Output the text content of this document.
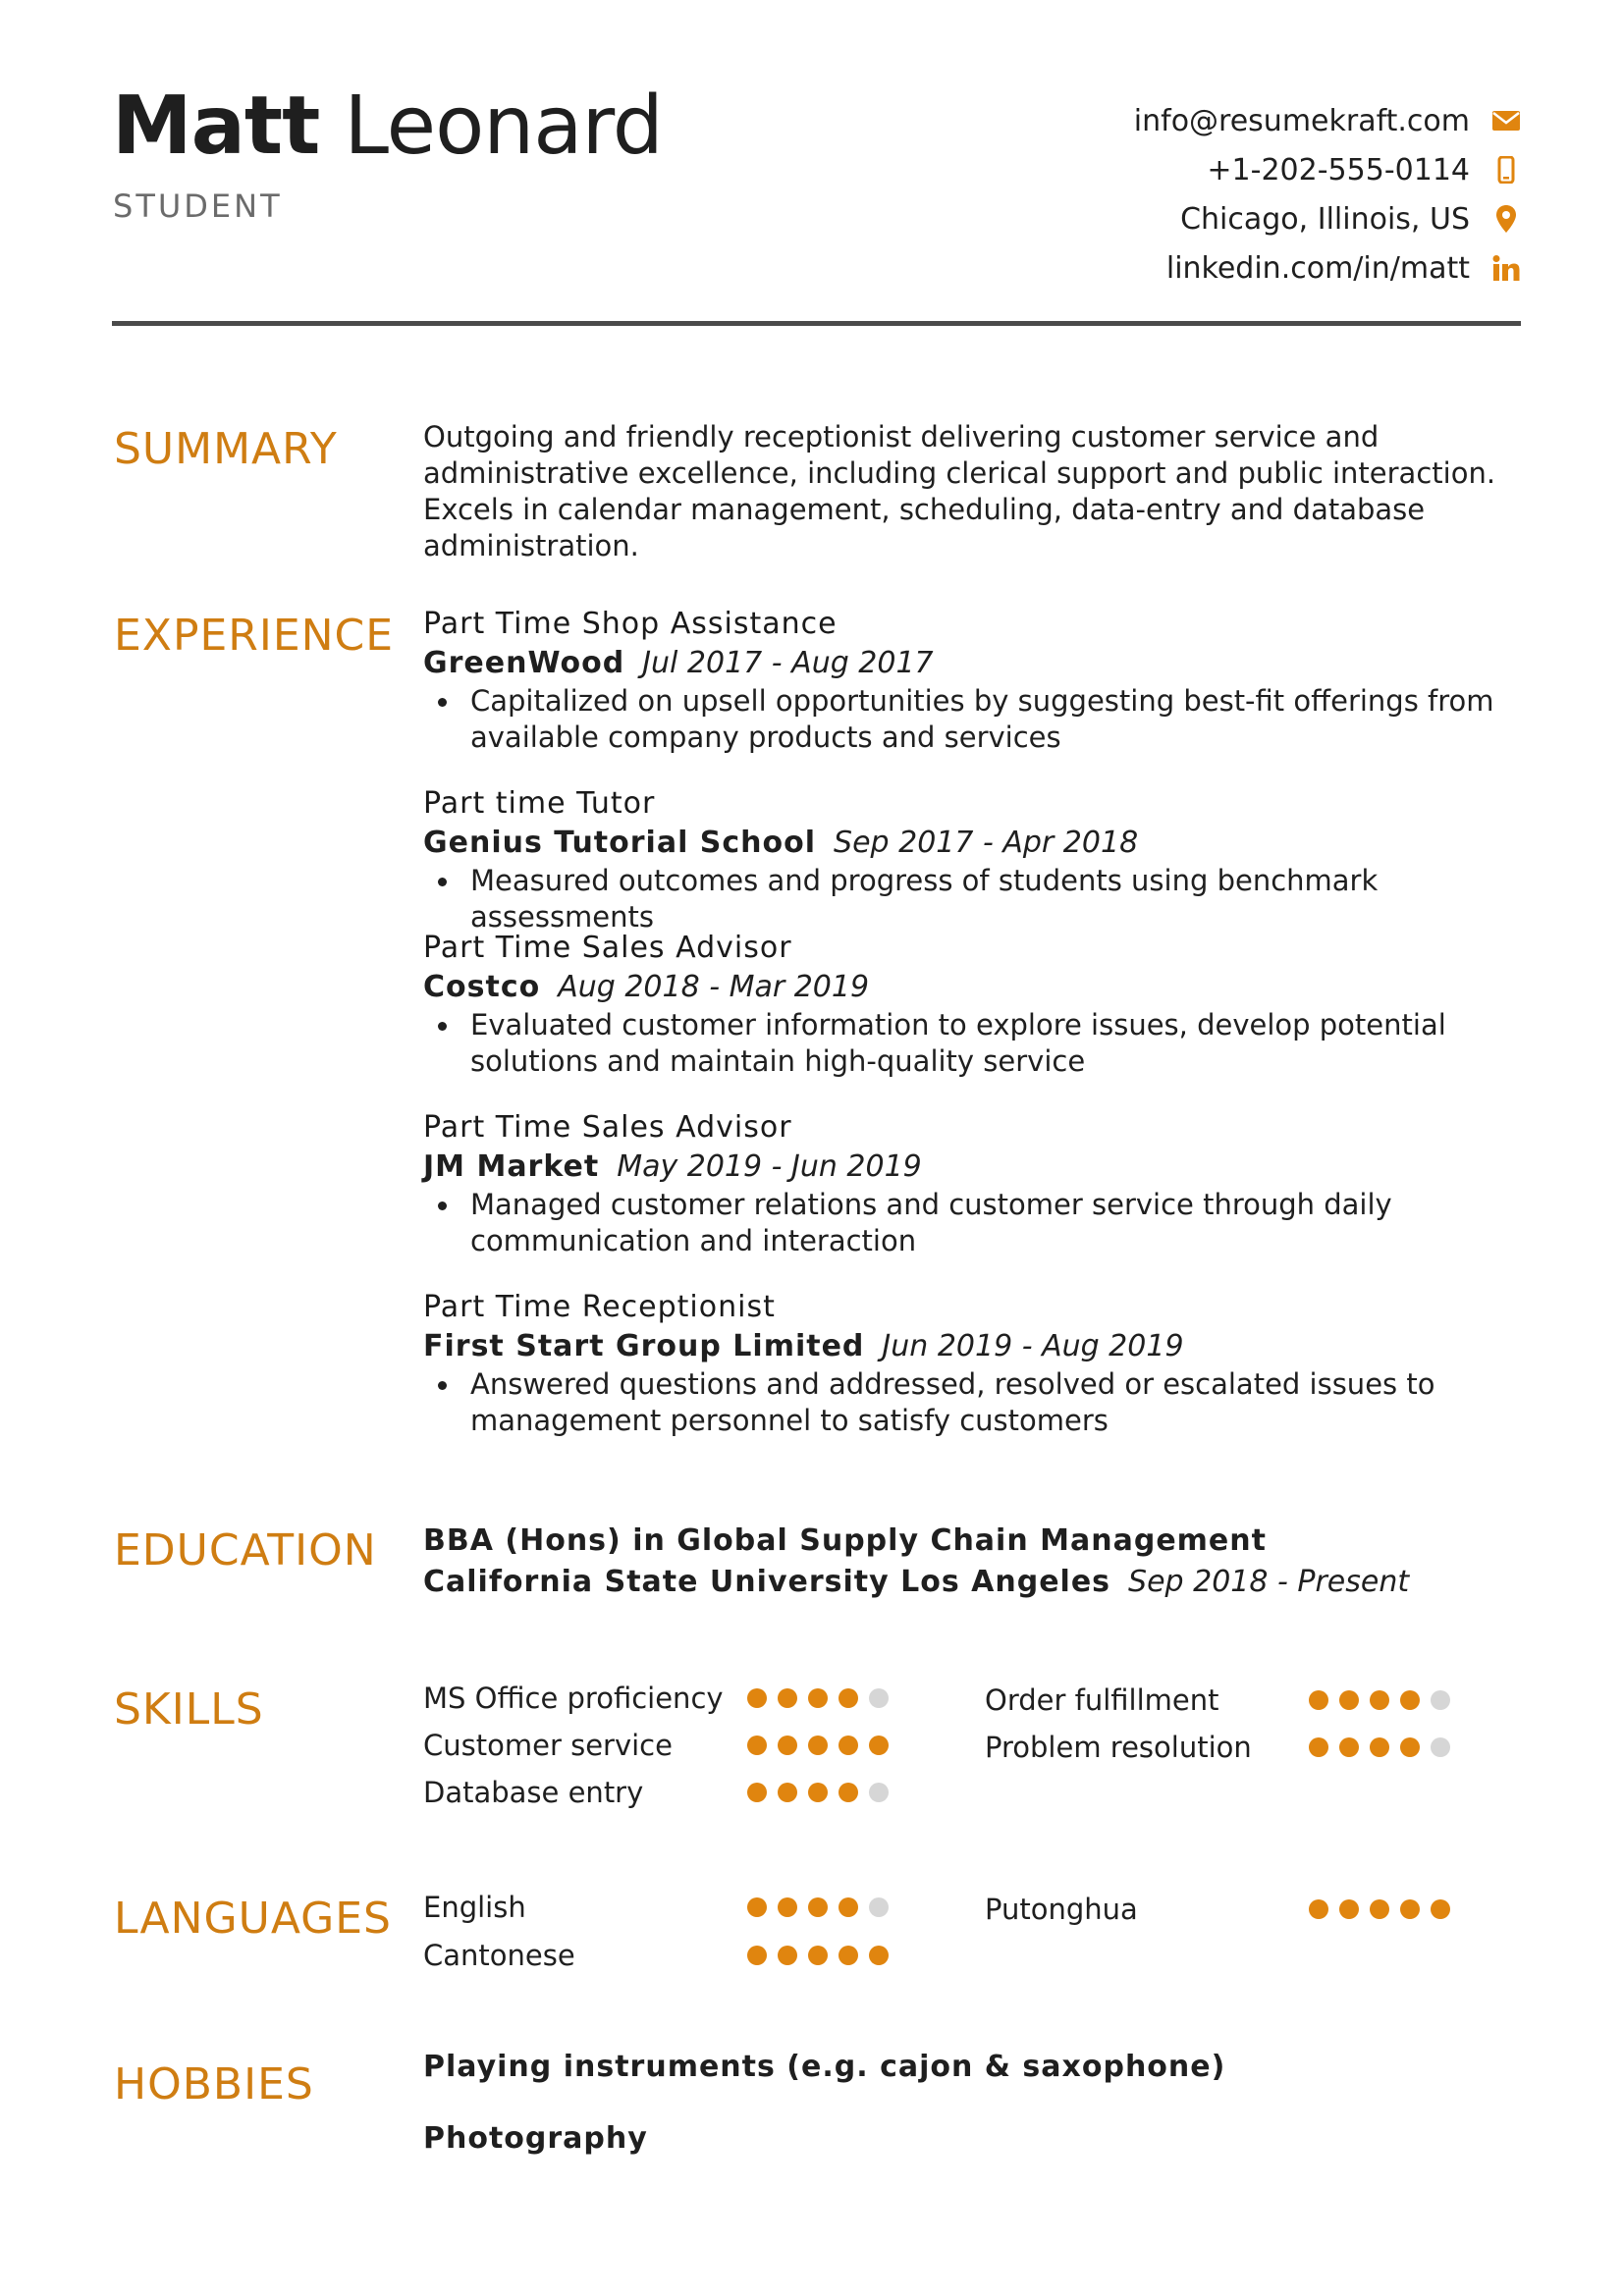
Matt Leonard
STUDENT
info@resumekraft.com
+1-202-555-0114
Chicago, Illinois, US
linkedin.com/in/matt
SUMMARY	Outgoing and friendly receptionist delivering customer service and administrative excellence, including clerical support and public interaction. Excels in calendar management, scheduling, data-entry and database administration.
EXPERIENCE Part Time Shop Assistance
GreenWood Jul 2017 - Aug 2017
Capitalized on upsell opportunities by suggesting best-fit offerings from available company products and services
Part time Tutor
Genius Tutorial School Sep 2017 - Apr 2018
Measured outcomes and progress of students using benchmark assessments
Part Time Sales Advisor
Costco Aug 2018 - Mar 2019
Evaluated customer information to explore issues, develop potential solutions and maintain high-quality service
Part Time Sales Advisor
JM Market May 2019 - Jun 2019
Managed customer relations and customer service through daily communication and interaction
Part Time Receptionist
First Start Group Limited Jun 2019 - Aug 2019
Answered questions and addressed, resolved or escalated issues to management personnel to satisfy customers
EDUCATION BBA (Hons) in Global Supply Chain Management
California State University Los Angeles Sep 2018 - Present
SKILLS	MS Office proficiency	Order fulfillment
Customer service	Problem resolution
Database entry
LANGUAGES English	Putonghua
Cantonese
HOBBIES	Playing instruments (e.g. cajon & saxophone)
Photography
